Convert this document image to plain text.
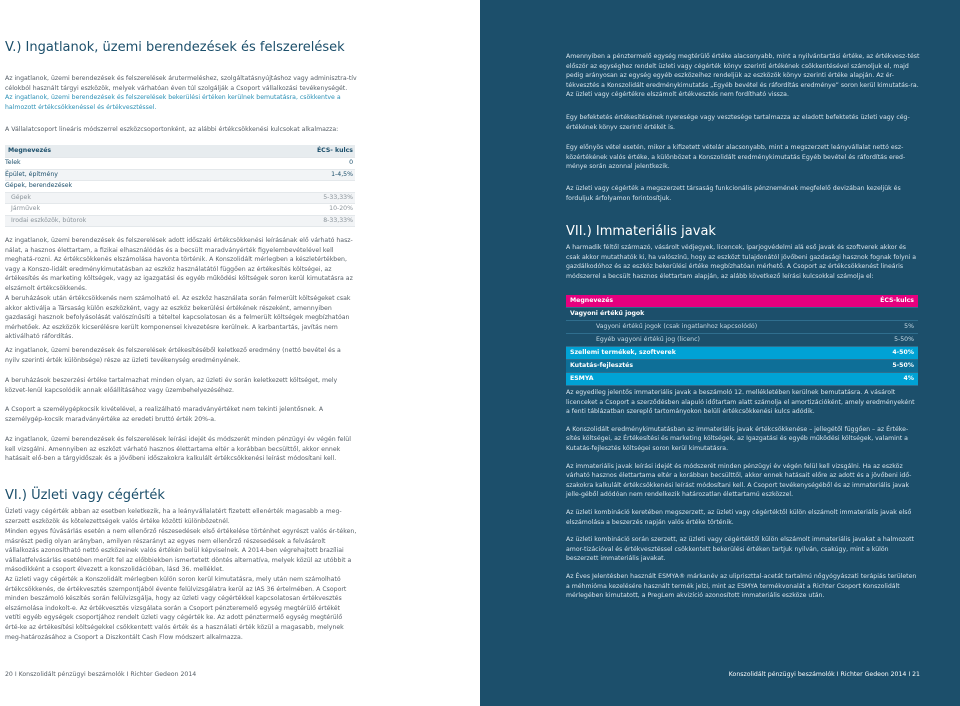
V.) Ingatlanok, üzemi berendezések és felszerelések

Az ingatlanok, üzemi berendezések és felszerelések árutermeléshez, szolgáltatásnyújtáshoz vagy adminisztra-tív célokból használt tárgyi eszközök, melyek várhatóan éven túl szolgálják a Csoport vállalkozási tevékenységét.

Az ingatlanok, üzemi berendezések és felszerelések bekerülési értéken kerülnek bemutatásra, csökkentve a halmozott értékcsökkenéssel és értékvesztéssel.

A Vállalatcsoport lineáris módszerrel eszközcsoportonként, az alábbi értékcsökkenési kulcsokat alkalmazza:

Megnevezés	ÉCS- kulcs
Telek	0
Épület, építmény	1-4,5%
Gépek, berendezések
Gépek	5-33,33%
Járművek	10-20%
Irodai eszközök, bútorok	8-33,33%

Az ingatlanok, üzemi berendezések és felszerelések adott időszaki értékcsökkenési leírásának elő várható hasz-nálat, a hasznos élettartam, a fizikai elhasználódás és a becsült maradványérték figyelembevételével kell meghatá-rozni. Az értékcsökkenés elszámolása havonta történik. A Konszolidált mérlegben a készletértékben, vagy a Konszo-lidált eredménykimutatásban az eszköz használatától függően az értékesítés költségei, az értékesítés és marketing költségek, vagy az igazgatási és egyéb működési költségek soron kerül kimutatásra az elszámolt értékcsökkenés.

A beruházások után értékcsökkenés nem számolható el. Az eszköz használata során felmerült költségeket csak akkor aktiválja a Társaság külön eszközként, vagy az eszköz bekerülési értékének részeként, amennyiben gazdasági hasznok befolyásolását valószínűsíti a tételtel kapcsolatosan és a felmerült költségek megbízhatóan mérhetőek. Az eszközök kicserélésre került komponensei kivezetésre kerülnek. A karbantartás, javítás nem aktiválható ráfordítás.

Az ingatlanok, üzemi berendezések és felszerelések értékesítéséből keletkező eredmény (nettó bevétel és a nyilv szerinti érték különbsége) része az üzleti tevékenység eredményének.

A beruházások beszerzési értéke tartalmazhat minden olyan, az üzleti év során keletkezett költséget, mely közvet-lenül kapcsolódik annak előállításához vagy üzembehelyezéséhez.

A Csoport a személygépkocsik kivételével, a realizálható maradványértéket nem tekinti jelentősnek. A személygép-kocsik maradványértéke az eredeti bruttó érték 20%-a.

Az ingatlanok, üzemi berendezések és felszerelések leírási idejét és módszerét minden pénzügyi év végén felül kell vizsgálni. Amennyiben az eszközt várható hasznos élettartama eltér a korábban becsülttől, akkor ennek hatásait elő-ben a tárgyidőszak és a jövőbeni időszakokra kalkulált értékcsökkenési leírást módosítani kell.

VI.) Üzleti vagy cégérték

Üzleti vagy cégérték abban az esetben keletkezik, ha a leányvállalatért fizetett ellenérték magasabb a meg-szerzett eszközök és kötelezettségek valós értéke közötti különbözetnél.

Minden egyes fúvásárlás esetén a nem ellenőrző részesedések első értékelése történhet egyrészt valós ér-téken, másrészt pedig olyan arányban, amilyen részarányt az egyes nem ellenőrző részesedések a felvásárolt vállalkozás azonosítható nettó eszközeinek valós értékén belül képviselnek. A 2014-ben végrehajtott brazíliai vállalatfelvásárlás esetében merült fel az előbbiekben ismertetett döntés alternatíva, melyek közül az utóbbit a másodikként a csoport élvezett a konszolidációban, lásd 36. melléklet.

Az üzleti vagy cégérték a Konszolidált mérlegben külön soron kerül kimutatásra, mely után nem számolható értékcsökkenés, de értékvesztés szempontjából évente felülvizsgálatra kerül az IAS 36 értelmében. A Csoport minden beszámoló készítés során felülvizsgálja, hogy az üzleti vagy cégértékkel kapcsolatosan értékvesztés elszámolása indokolt-e. Az értékvesztés vizsgálata során a Csoport pénzteremelő egység megtérülő értékét vetíti egyéb egységek csoportjához rendelt üzleti vagy cégérték ke. Az adott pénztermelő egység megtérülő érté-ke az értékesítési költségekkel csökkentett valós érték és a használati érték közül a magasabb, melynek meg-határozásához a Csoport a Diszkontált Cash Flow módszert alkalmazza.

20 I Konszolidált pénzügyi beszámolók I Richter Gedeon 2014

Amennyiben a pénztermelő egység megtérülő értéke alacsonyabb, mint a nyilvántartási értéke, az értékvesz-tést először az egységhez rendelt üzleti vagy cégérték könyv szerinti értékének csökkentésével számoljuk el, majd pedig arányosan az egység egyéb eszközeihez rendeljük az eszközök könyv szerinti értéke alapján. Az ér-tékvesztés a Konszolidált eredménykimutatás „Egyéb bevétel és ráfordítás eredménye” soron kerül kimutatás-ra. Az üzleti vagy cégértékre elszámolt értékvesztés nem fordítható vissza.

Egy befektetés értékesítésének nyeresége vagy vesztesége tartalmazza az eladott befektetés üzleti vagy cég-értékének könyv szerinti értékét is.

Egy előnyös vétel esetén, mikor a kifizetett vételár alacsonyabb, mint a megszerzett leányvállalat nettó esz-közértékének valós értéke, a különbözet a Konszolidált eredménykimutatás Egyéb bevétel és ráfordítás ered-ménye során azonnal jelentkezik.

Az üzleti vagy cégérték a megszerzett társaság funkcionális pénznemének megfelelő devizában kezeljük és forduljuk árfolyamon forintosítjuk.

VII.) Immateriális javak

A harmadik féltől származó, vásárolt védjegyek, licencek, iparjogvédelmi alá eső javak és szoftverek akkor és csak akkor mutathatók ki, ha valószínű, hogy az eszközt tulajdonától jövőbeni gazdasági hasznok fognak folyni a gazdálkodóhoz és az eszköz bekerülési értéke megbízhatóan mérhető. A Csoport az értékcsökkenést lineáris módszerrel a becsült hasznos élettartam alapján, az alább következő leírási kulcsokkal számolja el:

Megnevezés	ÉCS-kulcs
Vagyoni értékű jogok
Vagyoni értékű jogok (csak ingatlanhoz kapcsolódó)	5%
Egyéb vagyoni értékű jog (licenc)	5-50%
Szellemi termékek, szoftverek	4-50%
Kutatás-fejlesztés	5-50%
ESMYA	4%

Az egyedileg jelentős immateriális javak a beszámoló 12. mellékletében kerülnek bemutatásra. A vásárolt licenceket a Csoport a szerződésben alapuló időtartam alatt számolja el amortizációként, amely eredményeként a fenti táblázatban szereplő tartományokon belüli értékcsökkenési kulcs adódik.

A Konszolidált eredménykimutatásban az immateriális javak értékcsökkenése – jellegétől függően – az Értéke-sítés költségei, az Értékesítési és marketing költségek, az Igazgatási és egyéb működési költségek, valamint a Kutatás-fejlesztés költségei soron kerül kimutatásra.

Az immateriális javak leírási idejét és módszerét minden pénzügyi év végén felül kell vizsgálni. Ha az eszköz várható hasznos élettartama eltér a korábban becsülttől, akkor ennek hatásait előre az adott és a jövőbeni idő-szakokra kalkulált értékcsökkenési leírást módosítani kell. A Csoport tevékenységéből és az immateriális javak jelle-géből adódóan nem rendelkezik határozatlan élettartamú eszközzel.

Az üzleti kombináció keretében megszerzett, az üzleti vagy cégértéktől külön elszámolt immateriális javak első elszámolása a beszerzés napján valós értéke történik.

Az üzleti kombináció során szerzett, az üzleti vagy cégértéktől külön elszámolt immateriális javakat a halmozott amor-tizációval és értékvesztéssel csökkentett bekerülési értéken tartjuk nyilván, csakúgy, mint a külön beszerzett immateriális javakat.

Az Éves Jelentésben használt ESMYA® márkanév az ulipriszttal-acetát tartalmú nőgyógyászati terápiás területen a méhmióma kezelésére használt termék jelzi, mint az ESMYA termékvonalát a Richter Csoport Konszolidált mérlegében kimutatott, a PregLem akvizíció azonosított immateriális eszköze után.

Konszolidált pénzügyi beszámolók I Richter Gedeon 2014 I 21
